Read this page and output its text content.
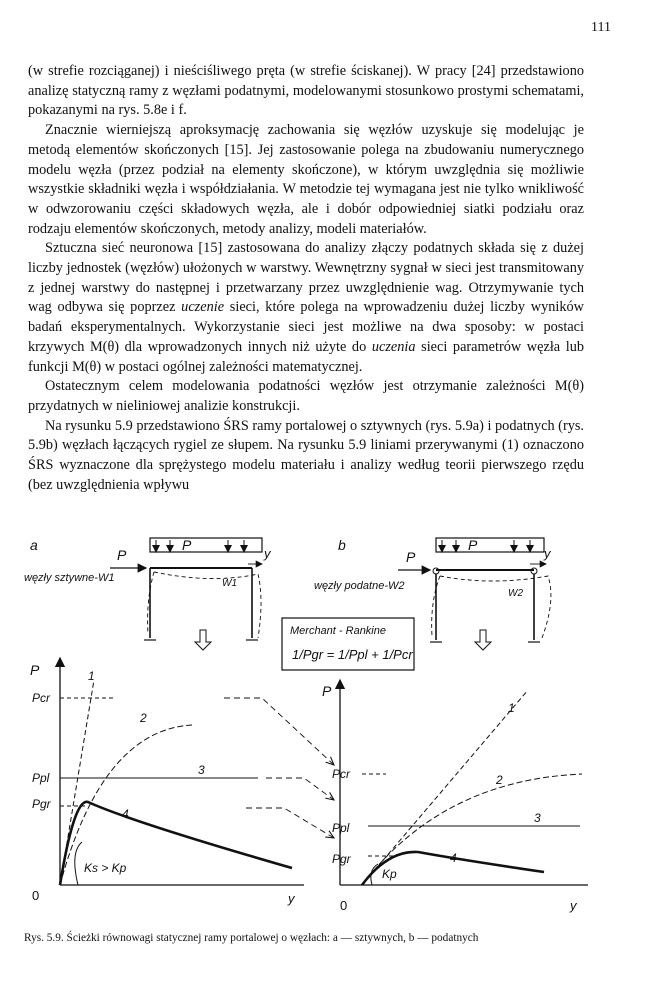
111

(w strefie rozciąganej) i nieściśliwego pręta (w strefie ściskanej). W pracy [24] przedstawiono analizę statyczną ramy z węzłami podatnymi, modelowanymi stosunkowo prostymi schematami, pokazanymi na rys. 5.8e i f.

Znacznie wierniejszą aproksymację zachowania się węzłów uzyskuje się modelując je metodą elementów skończonych [15]. Jej zastosowanie polega na zbudowaniu numerycznego modelu węzła (przez podział na elementy skończone), w którym uwzględnia się możliwie wszystkie składniki węzła i współdziałania. W metodzie tej wymagana jest nie tylko wnikliwość w odwzorowaniu części składowych węzła, ale i dobór odpowiedniej siatki podziału oraz rodzaju elementów skończonych, metody analizy, modeli materiałów.

Sztuczna sieć neuronowa [15] zastosowana do analizy złączy podatnych składa się z dużej liczby jednostek (węzłów) ułożonych w warstwy. Wewnętrzny sygnał w sieci jest transmitowany z jednej warstwy do następnej i przetwarzany przez uwzględnienie wag. Otrzymywanie tych wag odbywa się poprzez uczenie sieci, które polega na wprowadzeniu dużej liczby wyników badań eksperymentalnych. Wykorzystanie sieci jest możliwe na dwa sposoby: w postaci krzywych M(θ) dla wprowadzonych innych niż użyte do uczenia sieci parametrów węzła lub funkcji M(θ) w postaci ogólnej zależności matematycznej.

Ostatecznym celem modelowania podatności węzłów jest otrzymanie zależności M(θ) przydatnych w nieliniowej analizie konstrukcji.

Na rysunku 5.9 przedstawiono ŚRS ramy portalowej o sztywnych (rys. 5.9a) i podatnych (rys. 5.9b) węzłach łączących rygiel ze słupem. Na rysunku 5.9 liniami przerywanymi (1) oznaczono ŚRS wyznaczone dla sprężystego modelu materiału i analizy według teorii pierwszego rzędu (bez uwzględnienia wpływu

a	P
y
P
węzły sztywne-W1	W1
P
y
0
Pcr
Ppl
Pgr
1
2
3
4
Ks > Kp
b	P
y
P
węzły podatne-W2
W2
Merchant - Rankine
1/Pgr = 1/Ppl + 1/Pcr
P
y
0
Pcr
Ppl
Pgr
3
1
2
4
Kp
Rys. 5.9. Ścieżki równowagi statycznej ramy portalowej o węzłach: a — sztywnych, b — podatnych
